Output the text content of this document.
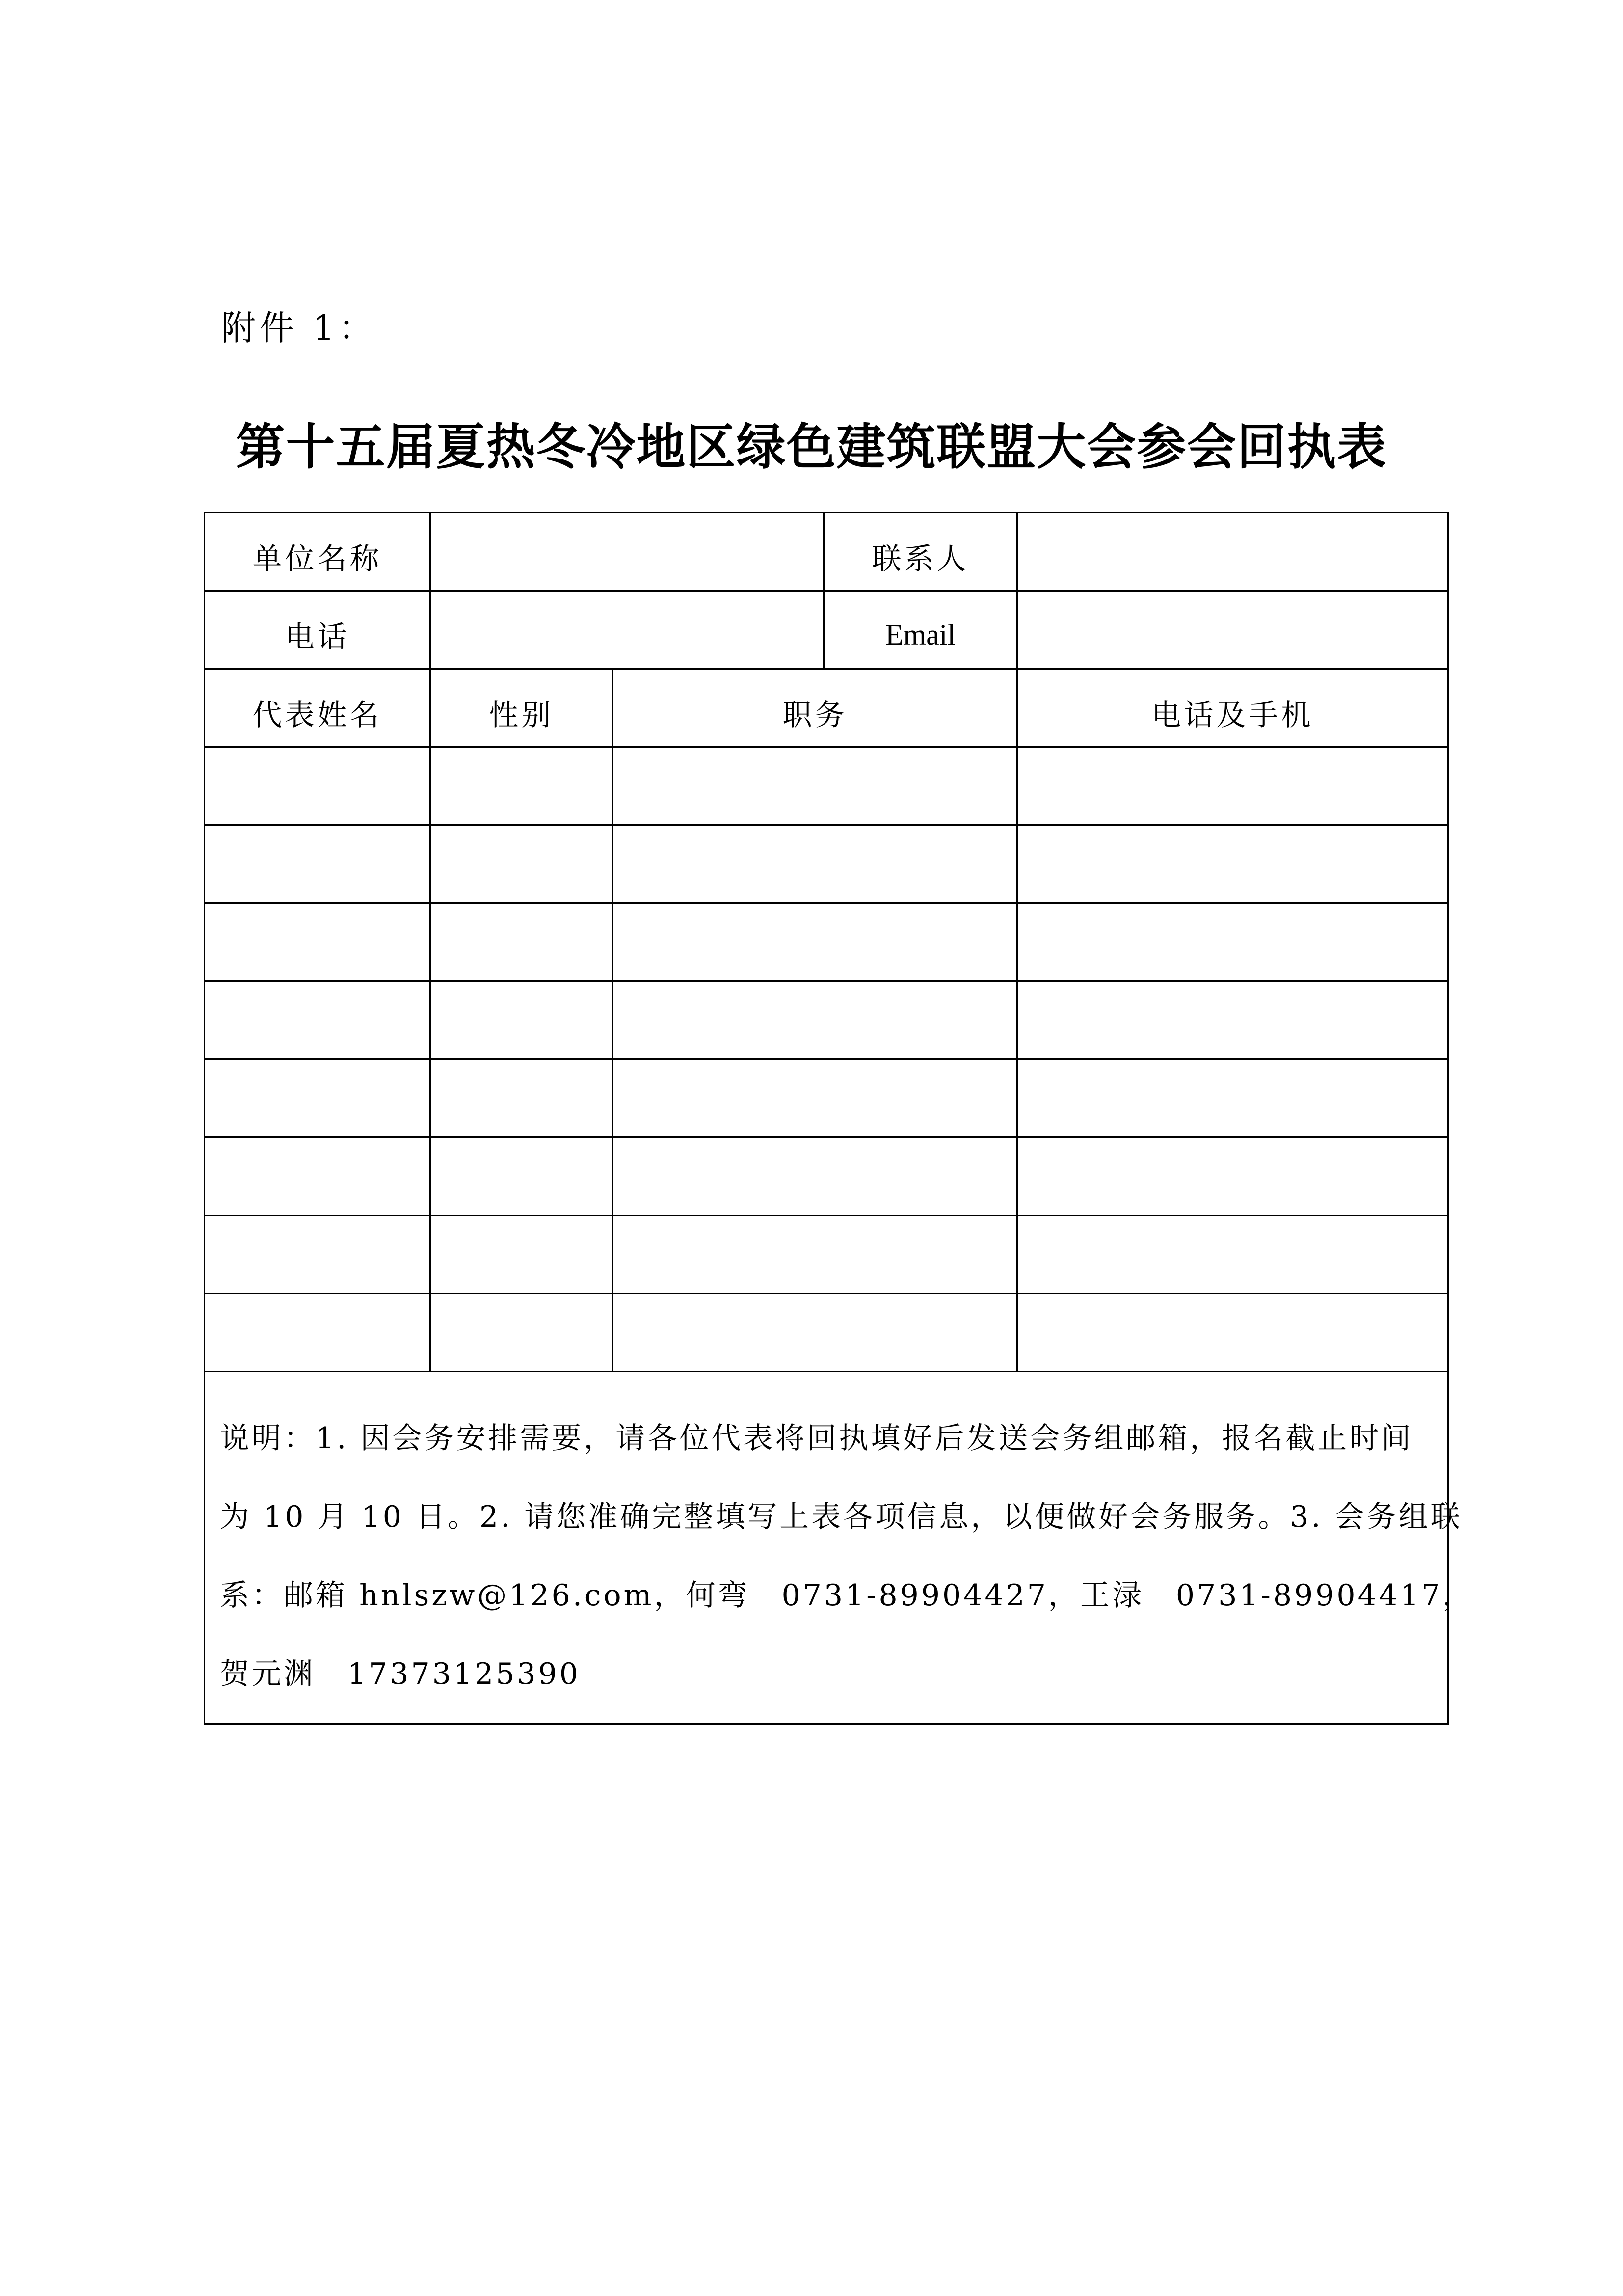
附件 1：
第十五届夏热冬冷地区绿色建筑联盟大会参会回执表
单位名称			联系人	
电话			Email	
代表姓名	性别	职务		电话及手机

说明：1. 因会务安排需要，请各位代表将回执填好后发送会务组邮箱，报名截止时间
为 10 月 10 日。2. 请您准确完整填写上表各项信息，以便做好会务服务。3. 会务组联
系：邮箱 hnlszw@126.com，何弯　0731-89904427，王渌　0731-89904417，
贺元渊　17373125390				
